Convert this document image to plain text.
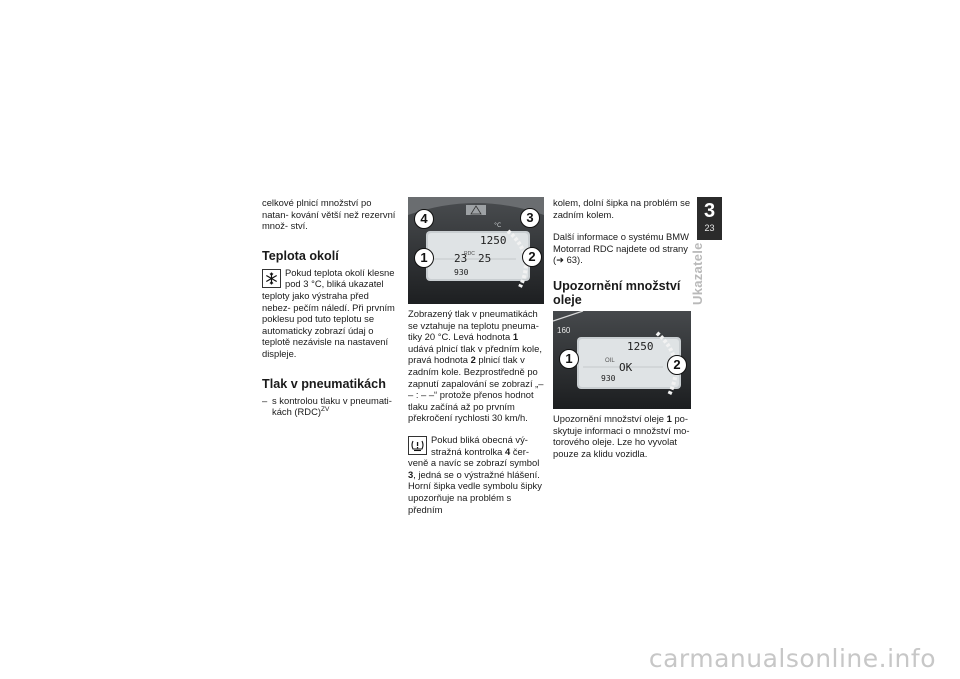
celkové plnicí množství po natan- kování větší než rezervní množ- ství.

Teplota okolí
Pokud teplota okolí klesne pod 3 °C, bliká ukazatel teploty jako výstraha před nebez- pečím náledí. Při prvním poklesu pod tuto teplotu se automaticky zobrazí údaj o teplotě nezávisle na nastavení displeje.
Tlak v pneumatikách
– s kontrolou tlaku v pneumati- kách (RDC)$^{ZV}$
°C
1250
RDC
23 25
930
4	3
1	2

Zobrazený tlak v pneumatikách se vztahuje na teplotu pneuma- tiky 20 °C. Levá hodnota 1 udává plnicí tlak v předním kole, pravá hodnota 2 plnicí tlak v zadním kole. Bezprostředně po zapnutí zapalování se zobrazí „– – : – –“ protože přenos hodnot tlaku začíná až po prvním překročení rychlosti 30 km/h.

Pokud bliká obecná vý- stražná kontrolka 4 čer- veně a navíc se zobrazí symbol 3, jedná se o výstražné hlášení. Horní šipka vedle symbolu šipky upozorňuje na problém s předním

kolem, dolní šipka na problém se zadním kolem.

Další informace o systému BMW Motorrad RDC najdete od strany (➜ 63).

Upozornění množství oleje
160
1250
OIL OK
930
1	2

Upozornění množství oleje 1 po- skytuje informaci o množství mo- torového oleje. Lze ho vyvolat pouze za klidu vozidla.

3
23
Ukazatele
carmanualsonline.info
